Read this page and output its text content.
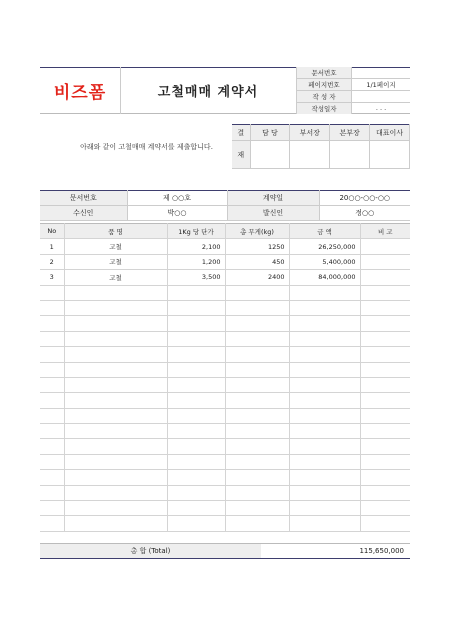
비즈폼	고철매매 계약서
문서번호	
페이지번호	1/1페이지
작 성 자	
작성일자	. . .
아래와 같이 고철매매 계약서를 제출합니다.
결	담 당	부서장	본부장	대표이사
재				
문서번호	제 ○○호	계약일	20○○-○○-○○
수신인	박○○	발신인	정○○
No	품 명	1Kg 당 단가	총 무게(kg)	금 액	비 고
1	고철	2,100	1250	26,250,000	
2	고철	1,200	450	5,400,000	
3	고철	3,500	2400	84,000,000	

총 합 (Total)	115,650,000
